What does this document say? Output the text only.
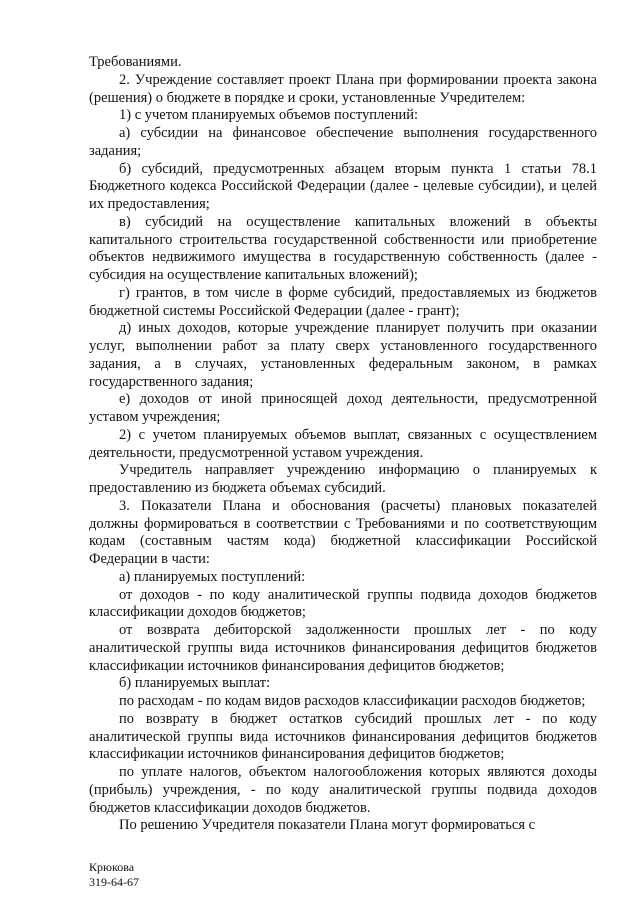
Требованиями.

2. Учреждение составляет проект Плана при формировании проекта закона (решения) о бюджете в порядке и сроки, установленные Учредителем:

1) с учетом планируемых объемов поступлений:

а) субсидии на финансовое обеспечение выполнения государственного задания;

б) субсидий, предусмотренных абзацем вторым пункта 1 статьи 78.1 Бюджетного кодекса Российской Федерации (далее - целевые субсидии), и целей их предоставления;

в) субсидий на осуществление капитальных вложений в объекты капитального строительства государственной собственности или приобретение объектов недвижимого имущества в государственную собственность (далее - субсидия на осуществление капитальных вложений);

г) грантов, в том числе в форме субсидий, предоставляемых из бюджетов бюджетной системы Российской Федерации (далее - грант);

д) иных доходов, которые учреждение планирует получить при оказании услуг, выполнении работ за плату сверх установленного государственного задания, а в случаях, установленных федеральным законом, в рамках государственного задания;

е) доходов от иной приносящей доход деятельности, предусмотренной уставом учреждения;

2) с учетом планируемых объемов выплат, связанных с осуществлением деятельности, предусмотренной уставом учреждения.

Учредитель направляет учреждению информацию о планируемых к предоставлению из бюджета объемах субсидий.

3. Показатели Плана и обоснования (расчеты) плановых показателей должны формироваться в соответствии с Требованиями и по соответствующим кодам (составным частям кода) бюджетной классификации Российской Федерации в части:

а) планируемых поступлений:

от доходов - по коду аналитической группы подвида доходов бюджетов классификации доходов бюджетов;

от возврата дебиторской задолженности прошлых лет - по коду аналитической группы вида источников финансирования дефицитов бюджетов классификации источников финансирования дефицитов бюджетов;

б) планируемых выплат:

по расходам - по кодам видов расходов классификации расходов бюджетов;

по возврату в бюджет остатков субсидий прошлых лет - по коду аналитической группы вида источников финансирования дефицитов бюджетов классификации источников финансирования дефицитов бюджетов;

по уплате налогов, объектом налогообложения которых являются доходы (прибыль) учреждения, - по коду аналитической группы подвида доходов бюджетов классификации доходов бюджетов.

По решению Учредителя показатели Плана могут формироваться с

Крюкова
319-64-67
